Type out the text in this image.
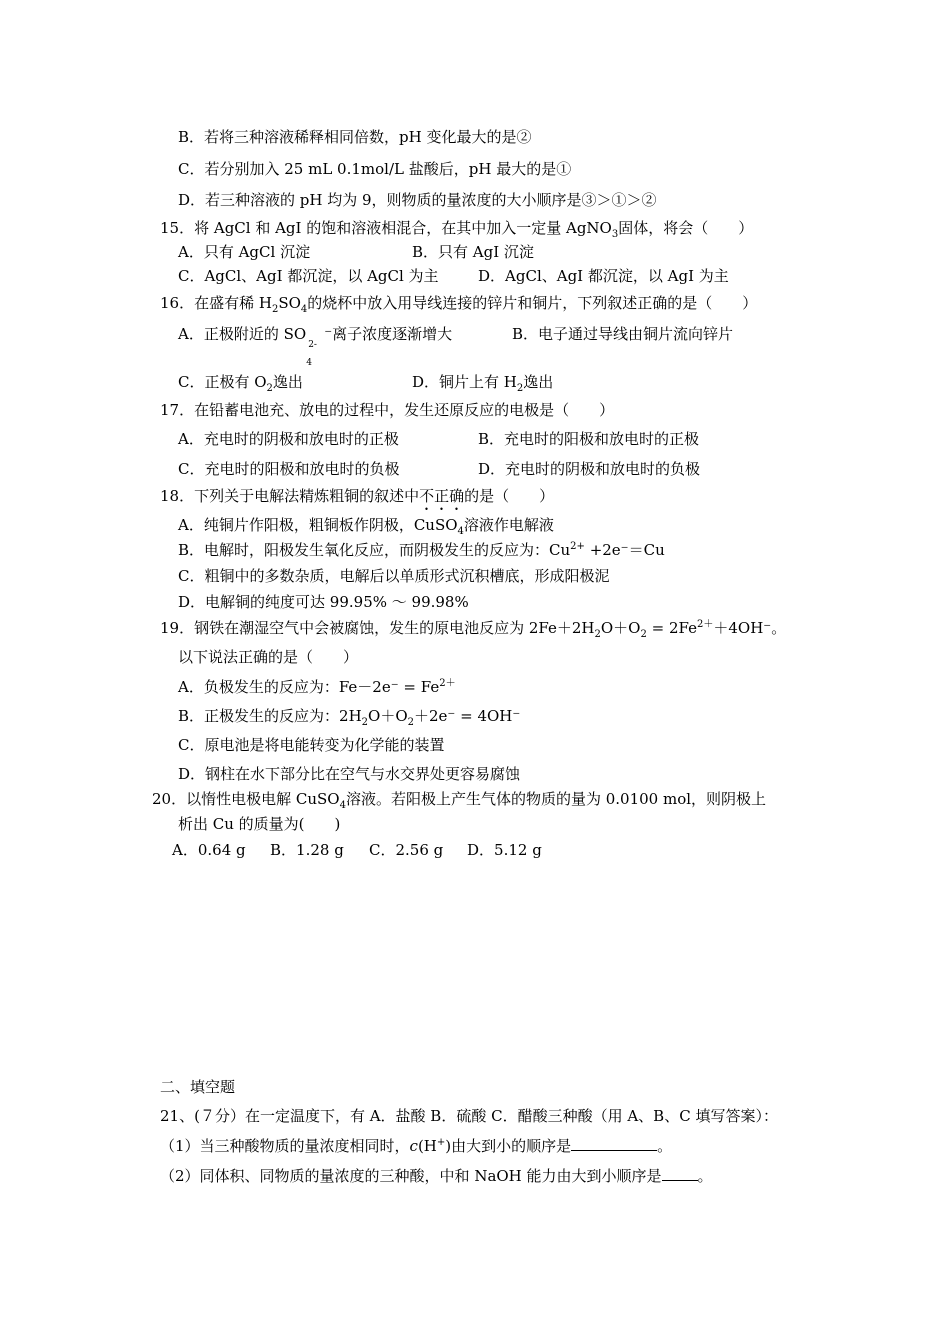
B．若将三种溶液稀释相同倍数，pH 变化最大的是②
C．若分别加入 25 mL 0.1mol/L 盐酸后，pH 最大的是①
D．若三种溶液的 pH 均为 9，则物质的量浓度的大小顺序是③＞①＞②
15．将 AgCl 和 AgI 的饱和溶液相混合，在其中加入一定量 AgNO$_3$固体，将会（　　）
A．只有 AgCl 沉淀	B．只有 AgI 沉淀
C．AgCl、AgI 都沉淀，以 AgCl 为主	D．AgCl、AgI 都沉淀，以 AgI 为主
16．在盛有稀 $H_2SO_4$的烧杯中放入用导线连接的锌片和铜片，下列叙述正确的是（　　）
A．正极附近的 SO
2-
4
⁻离子浓度逐渐增大	B．电子通过导线由铜片流向锌片
C．正极有 $O_2$逸出	D．铜片上有 $H_2$逸出
17．在铅蓄电池充、放电的过程中，发生还原反应的电极是（　　）
A．充电时的阴极和放电时的正极	B．充电时的阳极和放电时的正极
C．充电时的阳极和放电时的负极	D．充电时的阴极和放电时的负极
18．下列关于电解法精炼粗铜的叙述中不正确的是（　　）
A．纯铜片作阳极，粗铜板作阴极，CuSO$_4$溶液作电解液
B．电解时，阳极发生氧化反应，而阴极发生的反应为：$Cu^{2+} +2e^-=Cu$
C．粗铜中的多数杂质，电解后以单质形式沉积槽底，形成阳极泥
D．电解铜的纯度可达 99.95% ～ 99.98%
19．钢铁在潮湿空气中会被腐蚀，发生的原电池反应为 $2Fe+2H_2O+O_2 = 2Fe^{2+}+4OH^-$。
以下说法正确的是（　　）
A．负极发生的反应为：$Fe-2e^- = Fe^{2+}$
B．正极发生的反应为：$2H_2O+O_2+2e^- = 4OH^-$
C．原电池是将电能转变为化学能的装置
D．钢柱在水下部分比在空气与水交界处更容易腐蚀
20．以惰性电极电解 CuSO$_4$溶液。若阳极上产生气体的物质的量为 0.0100 mol，则阴极上
析出 Cu 的质量为(　　)
A．0.64 g B．1.28 g C．2.56 g D．5.12 g
二、填空题
21、(７分）在一定温度下，有 A．盐酸 B．硫酸 C．醋酸三种酸（用 A、B、C 填写答案）：
（1）当三种酸物质的量浓度相同时，c(H+)由大到小的顺序是	。
（2）同体积、同物质的量浓度的三种酸，中和 NaOH 能力由大到小顺序是 。
